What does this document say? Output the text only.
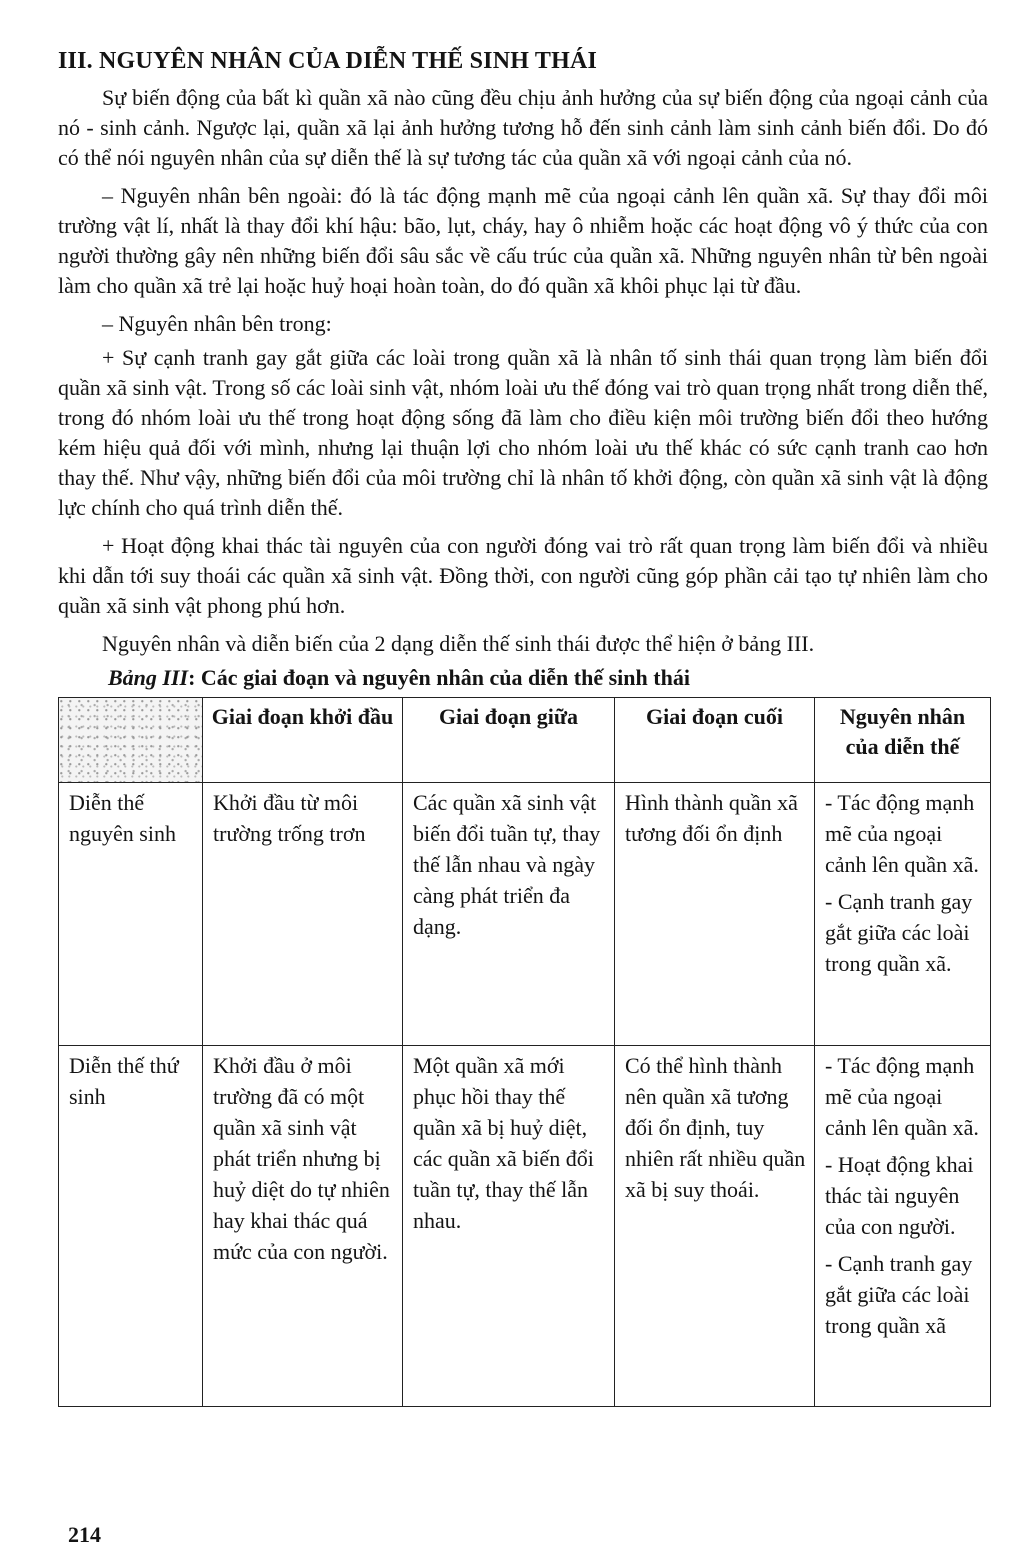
III. NGUYÊN NHÂN CỦA DIỄN THẾ SINH THÁI

Sự biến động của bất kì quần xã nào cũng đều chịu ảnh hưởng của sự biến động của ngoại cảnh của nó - sinh cảnh. Ngược lại, quần xã lại ảnh hưởng tương hỗ đến sinh cảnh làm sinh cảnh biến đổi. Do đó có thể nói nguyên nhân của sự diễn thế là sự tương tác của quần xã với ngoại cảnh của nó.

– Nguyên nhân bên ngoài: đó là tác động mạnh mẽ của ngoại cảnh lên quần xã. Sự thay đổi môi trường vật lí, nhất là thay đổi khí hậu: bão, lụt, cháy, hay ô nhiễm hoặc các hoạt động vô ý thức của con người thường gây nên những biến đổi sâu sắc về cấu trúc của quần xã. Những nguyên nhân từ bên ngoài làm cho quần xã trẻ lại hoặc huỷ hoại hoàn toàn, do đó quần xã khôi phục lại từ đầu.

– Nguyên nhân bên trong:

+ Sự cạnh tranh gay gắt giữa các loài trong quần xã là nhân tố sinh thái quan trọng làm biến đổi quần xã sinh vật. Trong số các loài sinh vật, nhóm loài ưu thế đóng vai trò quan trọng nhất trong diễn thế, trong đó nhóm loài ưu thế trong hoạt động sống đã làm cho điều kiện môi trường biến đổi theo hướng kém hiệu quả đối với mình, nhưng lại thuận lợi cho nhóm loài ưu thế khác có sức cạnh tranh cao hơn thay thế. Như vậy, những biến đổi của môi trường chỉ là nhân tố khởi động, còn quần xã sinh vật là động lực chính cho quá trình diễn thế.

+ Hoạt động khai thác tài nguyên của con người đóng vai trò rất quan trọng làm biến đổi và nhiều khi dẫn tới suy thoái các quần xã sinh vật. Đồng thời, con người cũng góp phần cải tạo tự nhiên làm cho quần xã sinh vật phong phú hơn.

Nguyên nhân và diễn biến của 2 dạng diễn thế sinh thái được thể hiện ở bảng III.

Bảng III: Các giai đoạn và nguyên nhân của diễn thế sinh thái

	Giai đoạn khởi đầu	Giai đoạn giữa	Giai đoạn cuối	Nguyên nhân của diễn thế
Diễn thế nguyên sinh	Khởi đầu từ môi trường trống trơn	Các quần xã sinh vật biến đổi tuần tự, thay thế lẫn nhau và ngày càng phát triển đa dạng.	Hình thành quần xã tương đối ổn định	- Tác động mạnh mẽ của ngoại cảnh lên quần xã.
- Cạnh tranh gay gắt giữa các loài trong quần xã.

Diễn thế thứ sinh	Khởi đầu ở môi trường đã có một quần xã sinh vật phát triển nhưng bị huỷ diệt do tự nhiên hay khai thác quá mức của con người.	Một quần xã mới phục hồi thay thế quần xã bị huỷ diệt, các quần xã biến đổi tuần tự, thay thế lẫn nhau.	Có thể hình thành nên quần xã tương đối ổn định, tuy nhiên rất nhiều quần xã bị suy thoái.	- Tác động mạnh mẽ của ngoại cảnh lên quần xã.
- Hoạt động khai thác tài nguyên của con người.
- Cạnh tranh gay gắt giữa các loài trong quần xã
214
